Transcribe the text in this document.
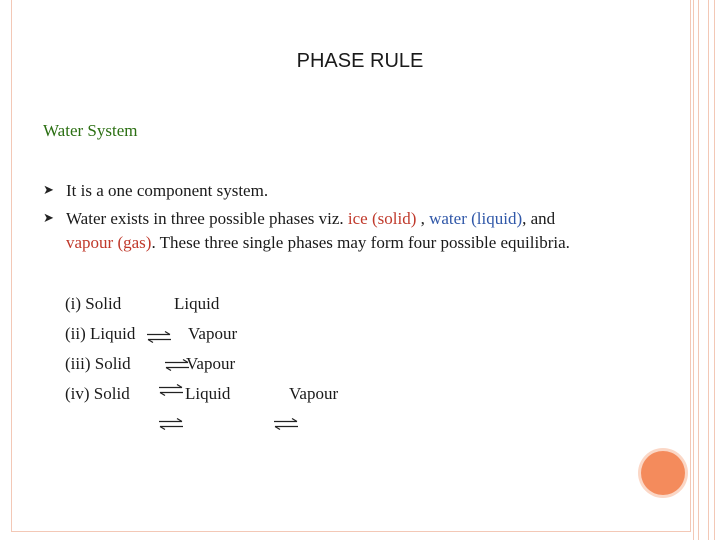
PHASE RULE
Water System
➤ It is a one component system.
➤ Water exists in three possible phases viz. ice (solid) , water (liquid), and
vapour (gas). These three single phases may form four possible equilibria.
(i) Solid	Liquid
(ii) Liquid	Vapour
(iii) Solid	Vapour
(iv) Solid	Liquid	Vapour
